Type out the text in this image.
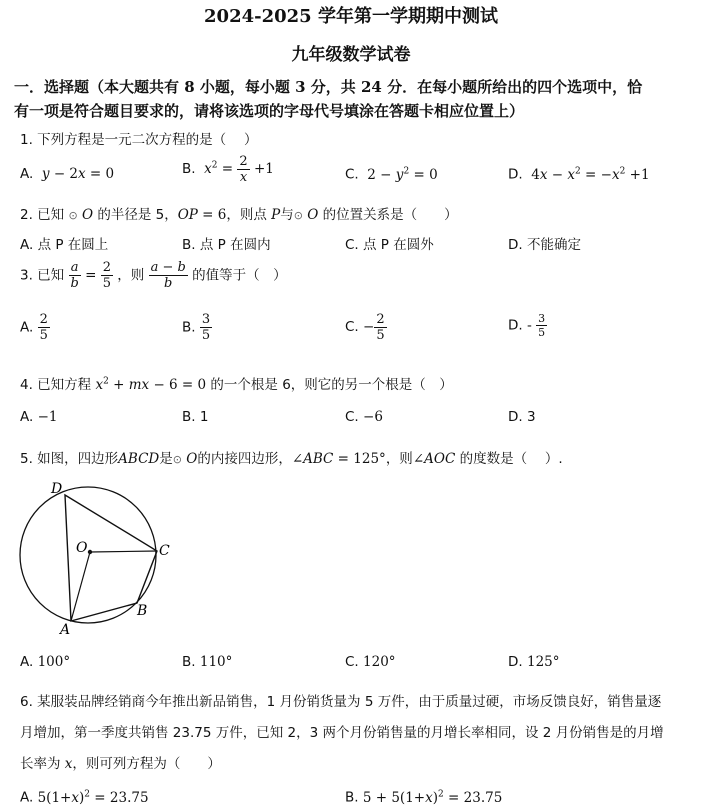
2024-2025 学年第一学期期中测试
九年级数学试卷
一．选择题（本大题共有 8 小题，每小题 3 分，共 24 分．在每小题所给出的四个选项中，恰
有一项是符合题目要求的，请将该选项的字母代号填涂在答题卡相应位置上）
1. 下列方程是一元二次方程的是（　 ）
A. y − 2x = 0	B. $x^2 = \frac{2}{x} +1$	C.  $2 - y^2 = 0$	D.  $4x - x^2 = -x^2 +1$
2. 已知 ⊙ O 的半径是 5，OP = 6，则点 P与⊙ O 的位置关系是（　　）
A. 点 P 在圆上	B. 点 P 在圆内	C. 点 P 在圆外	D. 不能确定
3. 已知 $\frac{a}{b} = \frac{2}{5}$ ，则 $\frac{a - b}{b}$ 的值等于（　）
A. $\frac{2}{5}$	B. $\frac{3}{5}$	C. − $\frac{2}{5}$	D. - $\frac{3}{5}$
4. 已知方程 $x^2$ + mx − 6 = 0 的一个根是 6，则它的另一个根是（　）
A. −1	B. 1	C. −6	D. 3
5. 如图，四边形ABCD是⊙ O的内接四边形，∠ABC = 125°，则∠AOC 的度数是（　 ）.
D
O	C
B
A
A. 100°	B. 110°	C. 120°	D. 125°
6. 某服装品牌经销商今年推出新品销售，1 月份销货量为 5 万件，由于质量过硬，市场反馈良好，销售量逐
月增加，第一季度共销售 23.75 万件，已知 2，3 两个月份销售量的月增长率相同，设 2 月份销售是的月增
长率为 x，则可列方程为（　　）
A. $5(1+x)^2 = 23.75$	B. $5 + 5(1+x)^2 = 23.75$
